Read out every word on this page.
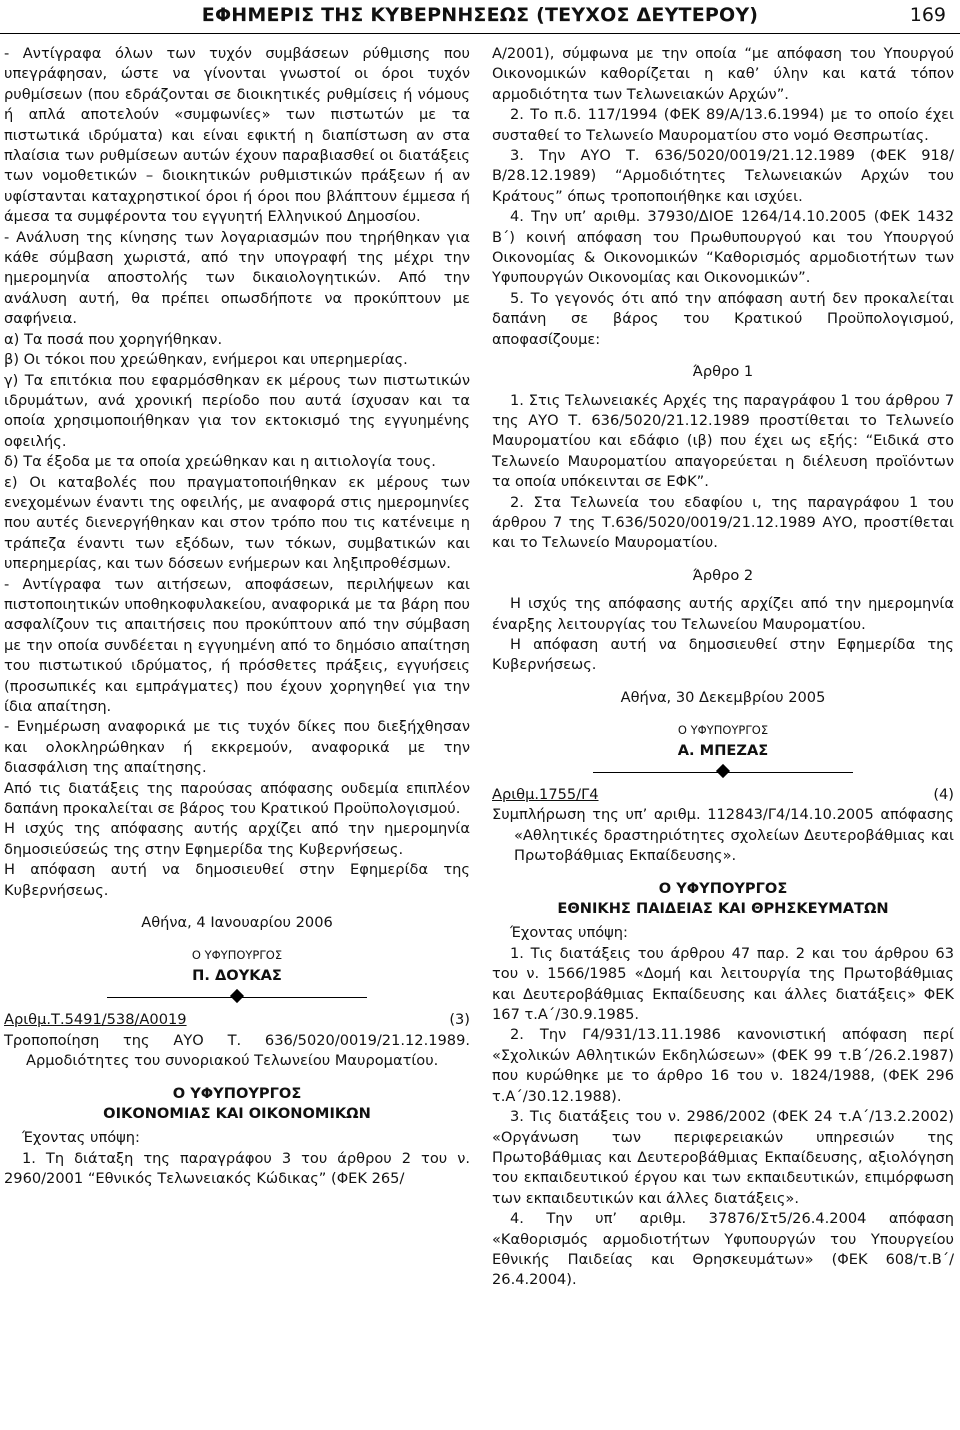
ΕΦΗΜΕΡΙΣ ΤΗΣ ΚΥΒΕΡΝΗΣΕΩΣ (ΤΕΥΧΟΣ ΔΕΥΤΕΡΟΥ)	169

- Αντίγραφα όλων των τυχόν συμβάσεων ρύθμισης που υπεγράφησαν, ώστε να γίνονται γνωστοί οι όροι τυχόν ρυθμίσεων (που εδράζονται σε διοικητικές ρυθμίσεις ή νόμους ή απλά αποτελούν «συμφωνίες» των πιστωτών με τα πιστωτικά ιδρύματα) και είναι εφικτή η διαπίστωση αν στα πλαίσια των ρυθμίσεων αυτών έχουν παραβιασθεί οι διατάξεις των νομοθετικών – διοικητικών ρυθμιστικών πράξεων ή αν υφίστανται καταχρηστικοί όροι ή όροι που βλάπτουν έμμεσα ή άμεσα τα συμφέροντα του εγγυητή Ελληνικού Δημοσίου.

- Ανάλυση της κίνησης των λογαριασμών που τηρήθηκαν για κάθε σύμβαση χωριστά, από την υπογραφή της μέχρι την ημερομηνία αποστολής των δικαιολογητικών. Από την ανάλυση αυτή, θα πρέπει οπωσδήποτε να προκύπτουν με σαφήνεια.

α) Τα ποσά που χορηγήθηκαν.

β) Οι τόκοι που χρεώθηκαν, ενήμεροι και υπερημερίας.

γ) Τα επιτόκια που εφαρμόσθηκαν εκ μέρους των πιστωτικών ιδρυμάτων, ανά χρονική περίοδο που αυτά ίσχυσαν και τα οποία χρησιμοποιήθηκαν για τον εκτοκισμό της εγγυημένης οφειλής.

δ) Τα έξοδα με τα οποία χρεώθηκαν και η αιτιολογία τους.

ε) Οι καταβολές που πραγματοποιήθηκαν εκ μέρους των ενεχομένων έναντι της οφειλής, με αναφορά στις ημερομηνίες που αυτές διενεργήθηκαν και στον τρόπο που τις κατένειμε η τράπεζα έναντι των εξόδων, των τόκων, συμβατικών και υπερημερίας, και των δόσεων ενήμερων και ληξιπροθέσμων.

- Αντίγραφα των αιτήσεων, αποφάσεων, περιλήψεων και πιστοποιητικών υποθηκοφυλακείου, αναφορικά με τα βάρη που ασφαλίζουν τις απαιτήσεις που προκύπτουν από την σύμβαση με την οποία συνδέεται η εγγυημένη από το δημόσιο απαίτηση του πιστωτικού ιδρύματος, ή πρόσθετες πράξεις, εγγυήσεις (προσωπικές και εμπράγματες) που έχουν χορηγηθεί για την ίδια απαίτηση.

- Ενημέρωση αναφορικά με τις τυχόν δίκες που διεξήχθησαν και ολοκληρώθηκαν ή εκκρεμούν, αναφορικά με την διασφάλιση της απαίτησης.

Από τις διατάξεις της παρούσας απόφασης ουδεμία επιπλέον δαπάνη προκαλείται σε βάρος του Κρατικού Προϋπολογισμού.

Η ισχύς της απόφασης αυτής αρχίζει από την ημερομηνία δημοσιεύσεώς της στην Εφημερίδα της Κυβερνήσεως.

Η απόφαση αυτή να δημοσιευθεί στην Εφημερίδα της Κυβερνήσεως.

Αθήνα, 4 Ιανουαρίου 2006

Ο ΥΦΥΠΟΥΡΓΟΣ

Π. ΔΟΥΚΑΣ

Αριθμ.Τ.5491/538/Α0019	(3)

Τροποποίηση της ΑΥΟ Τ. 636/5020/0019/21.12.1989. Αρμοδιότητες του συνοριακού Τελωνείου Μαυροματίου.

Ο ΥΦΥΠΟΥΡΓΟΣ

ΟΙΚΟΝΟΜΙΑΣ ΚΑΙ ΟΙΚΟΝΟΜΙΚΩΝ

Έχοντας υπόψη:

1. Τη διάταξη της παραγράφου 3 του άρθρου 2 του ν. 2960/2001 “Εθνικός Τελωνειακός Κώδικας” (ΦΕΚ 265/

Α/2001), σύμφωνα με την οποία “με απόφαση του Υπουργού Οικονομικών καθορίζεται η καθ’ ύλην και κατά τόπον αρμοδιότητα των Τελωνειακών Αρχών”.

2. Το π.δ. 117/1994 (ΦΕΚ 89/Α/13.6.1994) με το οποίο έχει συσταθεί το Τελωνείο Μαυροματίου στο νομό Θεσπρωτίας.

3. Την ΑΥΟ Τ. 636/5020/0019/21.12.1989 (ΦΕΚ 918/ Β/28.12.1989) “Αρμοδιότητες Τελωνειακών Αρχών του Κράτους” όπως τροποποιήθηκε και ισχύει.

4. Την υπ’ αριθμ. 37930/ΔΙΟΕ 1264/14.10.2005 (ΦΕΚ 1432 Β΄) κοινή απόφαση του Πρωθυπουργού και του Υπουργού Οικονομίας & Οικονομικών “Καθορισμός αρμοδιοτήτων των Υφυπουργών Οικονομίας και Οικονομικών”.

5. Το γεγονός ότι από την απόφαση αυτή δεν προκαλείται δαπάνη σε βάρος του Κρατικού Προϋπολογισμού, αποφασίζουμε:

Άρθρο 1

1. Στις Τελωνειακές Αρχές της παραγράφου 1 του άρθρου 7 της ΑΥΟ Τ. 636/5020/21.12.1989 προστίθεται το Τελωνείο Μαυροματίου και εδάφιο (ιβ) που έχει ως εξής: “Ειδικά στο Τελωνείο Μαυροματίου απαγορεύεται η διέλευση προϊόντων τα οποία υπόκεινται σε ΕΦΚ”.

2. Στα Τελωνεία του εδαφίου ι, της παραγράφου 1 του άρθρου 7 της Τ.636/5020/0019/21.12.1989 ΑΥΟ, προστίθεται και το Τελωνείο Μαυροματίου.

Άρθρο 2

Η ισχύς της απόφασης αυτής αρχίζει από την ημερομηνία έναρξης λειτουργίας του Τελωνείου Μαυροματίου.

Η απόφαση αυτή να δημοσιευθεί στην Εφημερίδα της Κυβερνήσεως.

Αθήνα, 30 Δεκεμβρίου 2005

Ο ΥΦΥΠΟΥΡΓΟΣ

Α. ΜΠΕΖΑΣ

Αριθμ.1755/Γ4	(4)

Συμπλήρωση της υπ’ αριθμ. 112843/Γ4/14.10.2005 απόφασης «Αθλητικές δραστηριότητες σχολείων Δευτεροβάθμιας και Πρωτοβάθμιας Εκπαίδευσης».

Ο ΥΦΥΠΟΥΡΓΟΣ

ΕΘΝΙΚΗΣ ΠΑΙΔΕΙΑΣ ΚΑΙ ΘΡΗΣΚΕΥΜΑΤΩΝ

Έχοντας υπόψη:

1. Τις διατάξεις του άρθρου 47 παρ. 2 και του άρθρου 63 του ν. 1566/1985 «Δομή και λειτουργία της Πρωτοβάθμιας και Δευτεροβάθμιας Εκπαίδευσης και άλλες διατάξεις» ΦΕΚ 167 τ.Α΄/30.9.1985.

2. Την Γ4/931/13.11.1986 κανονιστική απόφαση περί «Σχολικών Αθλητικών Εκδηλώσεων» (ΦΕΚ 99 τ.Β΄/26.2.1987) που κυρώθηκε με το άρθρο 16 του ν. 1824/1988, (ΦΕΚ 296 τ.Α΄/30.12.1988).

3. Τις διατάξεις του ν. 2986/2002 (ΦΕΚ 24 τ.Α΄/13.2.2002) «Οργάνωση των περιφερειακών υπηρεσιών της Πρωτοβάθμιας και Δευτεροβάθμιας Εκπαίδευσης, αξιολόγηση του εκπαιδευτικού έργου και των εκπαιδευτικών, επιμόρφωση των εκπαιδευτικών και άλλες διατάξεις».

4. Την υπ’ αριθμ. 37876/Στ5/26.4.2004 απόφαση «Καθορισμός αρμοδιοτήτων Υφυπουργών του Υπουργείου Εθνικής Παιδείας και Θρησκευμάτων» (ΦΕΚ 608/τ.Β΄/ 26.4.2004).
